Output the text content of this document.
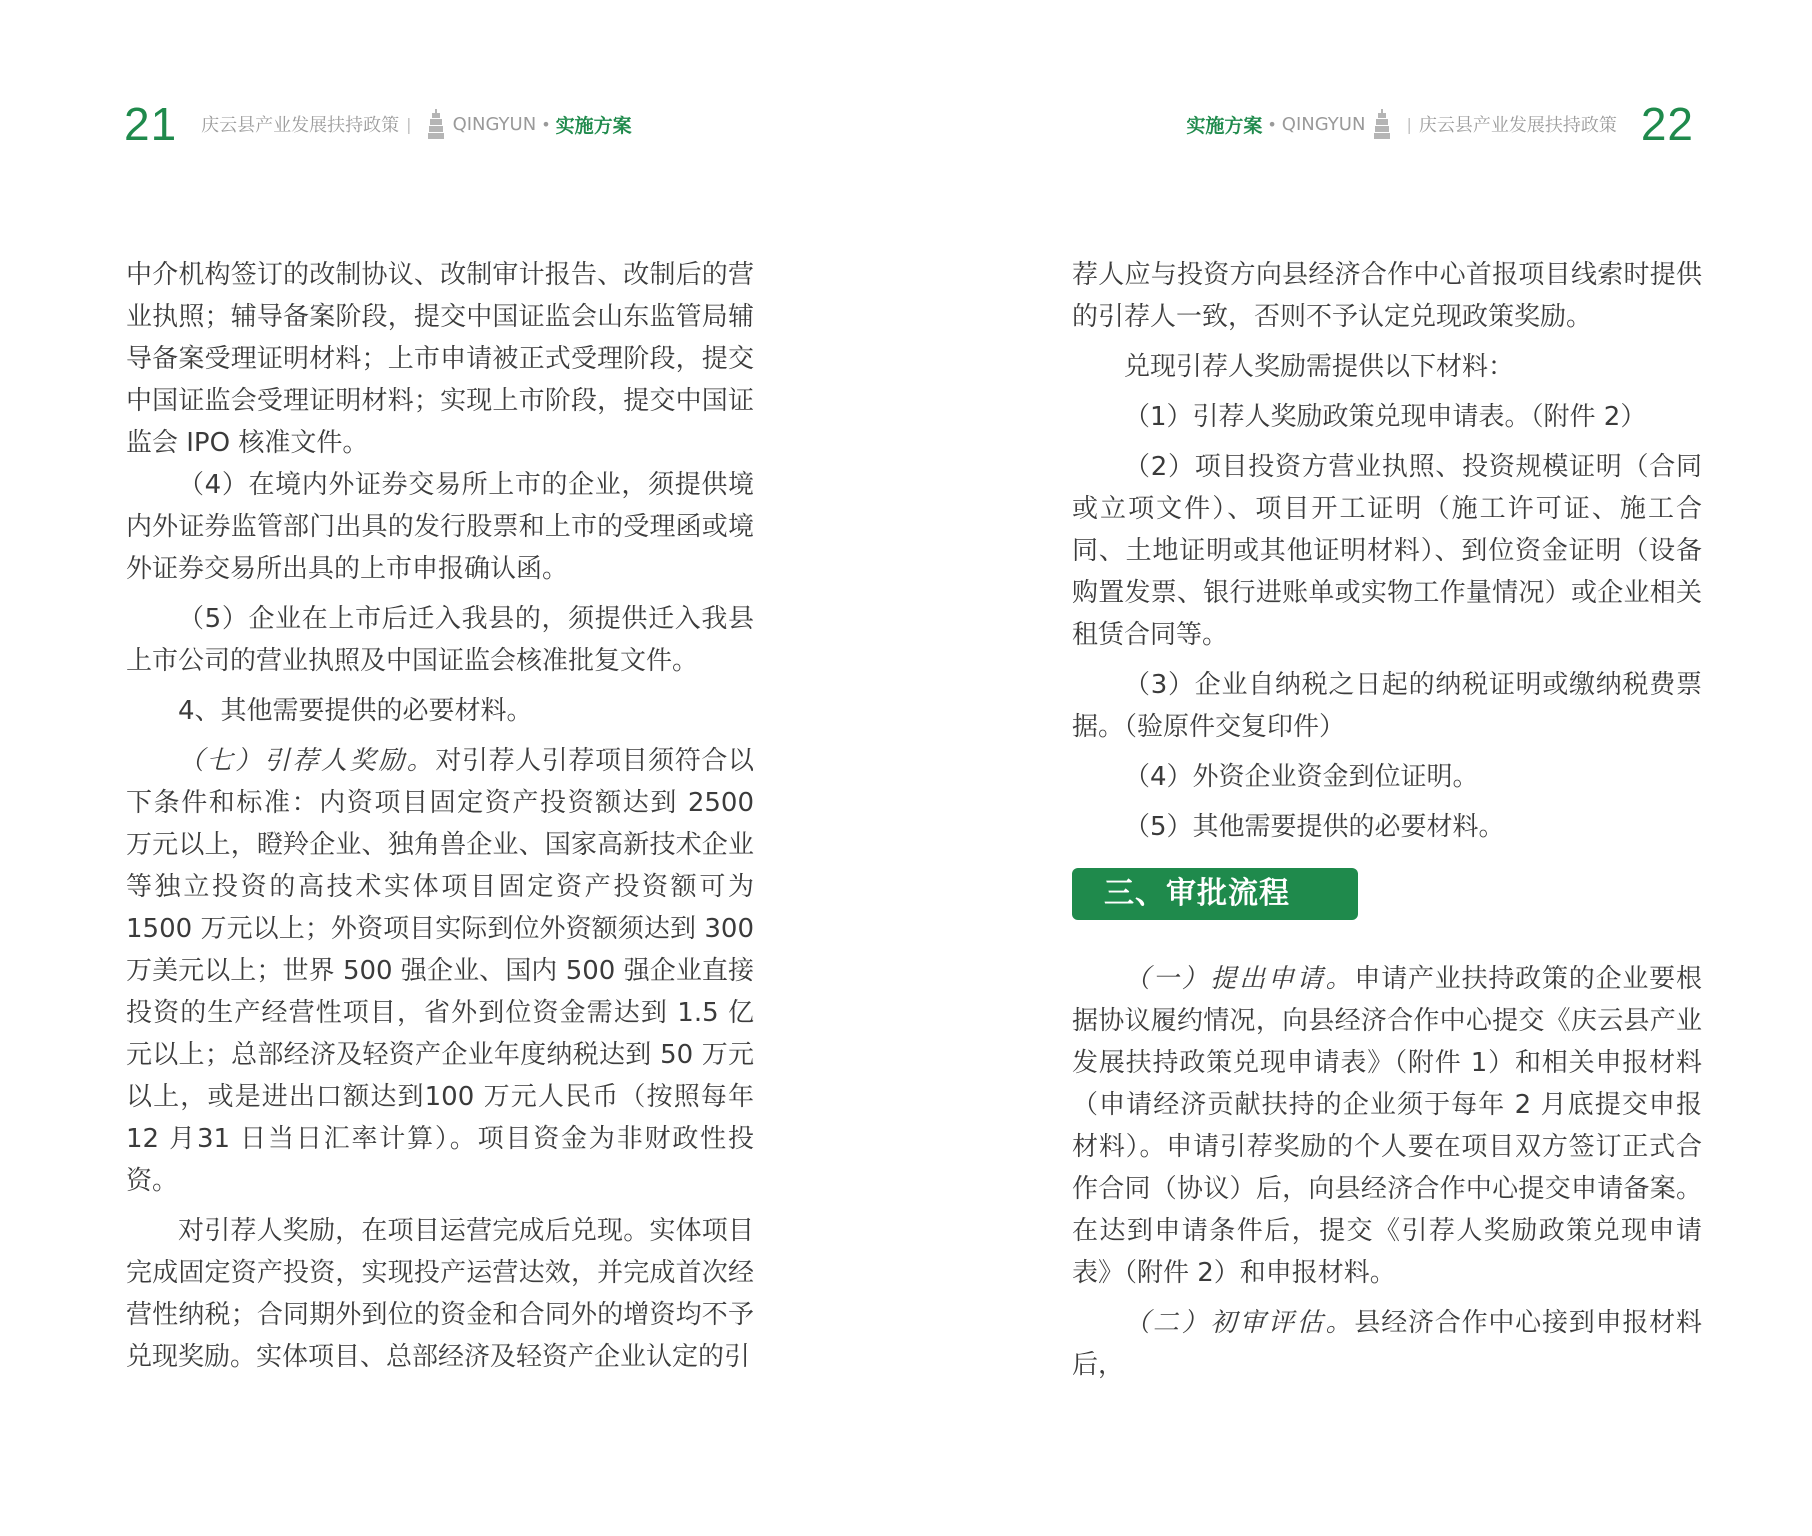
21 庆云县产业发展扶持政策 | QINGYUN • 实施方案

中介机构签订的改制协议、改制审计报告、改制后的营业执照；辅导备案阶段，提交中国证监会山东监管局辅导备案受理证明材料；上市申请被正式受理阶段，提交中国证监会受理证明材料；实现上市阶段，提交中国证监会 IPO 核准文件。

（4）在境内外证券交易所上市的企业，须提供境内外证券监管部门出具的发行股票和上市的受理函或境外证券交易所出具的上市申报确认函。

（5）企业在上市后迁入我县的，须提供迁入我县上市公司的营业执照及中国证监会核准批复文件。

4、其他需要提供的必要材料。

（七）引荐人奖励。对引荐人引荐项目须符合以下条件和标准：内资项目固定资产投资额达到 2500 万元以上，瞪羚企业、独角兽企业、国家高新技术企业等独立投资的高技术实体项目固定资产投资额可为 1500 万元以上；外资项目实际到位外资额须达到 300 万美元以上；世界 500 强企业、国内 500 强企业直接投资的生产经营性项目，省外到位资金需达到 1.5 亿元以上；总部经济及轻资产企业年度纳税达到 50 万元以上，或是进出口额达到100 万元人民币（按照每年12 月31 日当日汇率计算）。项目资金为非财政性投资。

对引荐人奖励，在项目运营完成后兑现。实体项目完成固定资产投资，实现投产运营达效，并完成首次经营性纳税；合同期外到位的资金和合同外的增资均不予兑现奖励。实体项目、总部经济及轻资产企业认定的引

实施方案 • QINGYUN	| 庆云县产业发展扶持政策 22

荐人应与投资方向县经济合作中心首报项目线索时提供的引荐人一致，否则不予认定兑现政策奖励。

兑现引荐人奖励需提供以下材料：

（1）引荐人奖励政策兑现申请表。（附件 2）

（2）项目投资方营业执照、投资规模证明（合同或立项文件）、项目开工证明（施工许可证、施工合同、土地证明或其他证明材料）、到位资金证明（设备购置发票、银行进账单或实物工作量情况）或企业相关租赁合同等。

（3）企业自纳税之日起的纳税证明或缴纳税费票据。（验原件交复印件）

（4）外资企业资金到位证明。

（5）其他需要提供的必要材料。

三、审批流程

（一）提出申请。申请产业扶持政策的企业要根据协议履约情况，向县经济合作中心提交《庆云县产业发展扶持政策兑现申请表》（附件 1）和相关申报材料（申请经济贡献扶持的企业须于每年 2 月底提交申报材料）。申请引荐奖励的个人要在项目双方签订正式合作合同（协议）后，向县经济合作中心提交申请备案。在达到申请条件后，提交《引荐人奖励政策兑现申请表》（附件 2）和申报材料。

（二）初审评估。县经济合作中心接到申报材料后，
